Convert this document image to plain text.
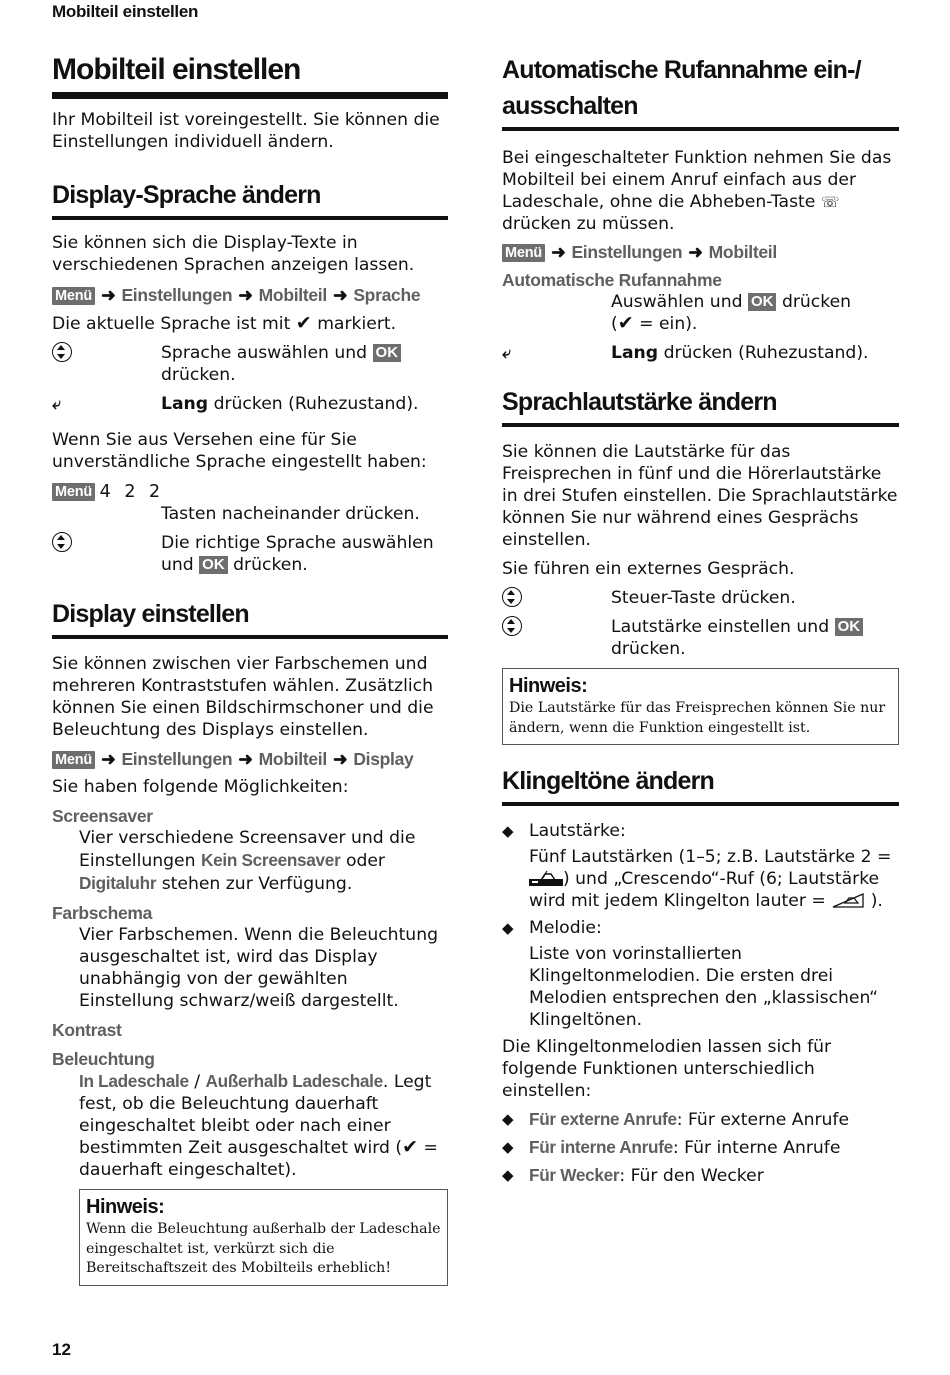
Mobilteil einstellen
Mobilteil einstellen

Ihr Mobilteil ist voreingestellt. Sie können die Einstellungen individuell ändern.

Display-Sprache ändern

Sie können sich die Display-Texte in verschiedenen Sprachen anzeigen lassen.

Menü ➜ Einstellungen ➜ Mobilteil ➜ Sprache

Die aktuelle Sprache ist mit ✔ markiert.

Sprache auswählen und OK drücken.
⤶	Lang drücken (Ruhezustand).

Wenn Sie aus Versehen eine für Sie unverständliche Sprache eingestellt haben:

Menü 4 2 2
Tasten nacheinander drücken.
Die richtige Sprache auswählen und OK drücken.
Display einstellen

Sie können zwischen vier Farbschemen und mehreren Kontraststufen wählen. Zusätzlich können Sie einen Bildschirmschoner und die Beleuchtung des Displays einstellen.

Menü ➜ Einstellungen ➜ Mobilteil ➜ Display

Sie haben folgende Möglichkeiten:

Screensaver
Vier verschiedene Screensaver und die Einstellungen Kein Screensaver oder Digitaluhr stehen zur Verfügung.
Farbschema
Vier Farbschemen. Wenn die Beleuchtung ausgeschaltet ist, wird das Display unabhängig von der gewählten Einstellung schwarz/weiß dargestellt.
Kontrast
Beleuchtung
In Ladeschale / Außerhalb Ladeschale. Legt fest, ob die Beleuchtung dauerhaft eingeschaltet bleibt oder nach einer bestimmten Zeit ausgeschaltet wird (✔ = dauerhaft eingeschaltet).
Hinweis:
Wenn die Beleuchtung außerhalb der Ladeschale eingeschaltet ist, verkürzt sich die Bereitschaftszeit des Mobilteils erheblich!
Automatische Rufannahme ein-/ ausschalten

Bei eingeschalteter Funktion nehmen Sie das Mobilteil bei einem Anruf einfach aus der Ladeschale, ohne die Abheben-Taste ☏ drücken zu müssen.

Menü ➜ Einstellungen ➜ Mobilteil
Automatische Rufannahme
Auswählen und OK drücken
(✔ = ein).
⤶	Lang drücken (Ruhezustand).
Sprachlautstärke ändern

Sie können die Lautstärke für das Freisprechen in fünf und die Hörerlautstärke in drei Stufen einstellen. Die Sprachlautstärke können Sie nur während eines Gesprächs einstellen.

Sie führen ein externes Gespräch.

Steuer-Taste drücken.
Lautstärke einstellen und OK drücken.
Hinweis:
Die Lautstärke für das Freisprechen können Sie nur ändern, wenn die Funktion eingestellt ist.
Klingeltöne ändern
◆ Lautstärke:
Fünf Lautstärken (1–5; z.B. Lautstärke 2 = ) und „Crescendo“-Ruf (6; Lautstärke wird mit jedem Klingelton lauter =	).
◆ Melodie:
Liste von vorinstallierten Klingeltonmelodien. Die ersten drei Melodien entsprechen den „klassischen“ Klingeltönen.

Die Klingeltonmelodien lassen sich für folgende Funktionen unterschiedlich einstellen:

◆ Für externe Anrufe: Für externe Anrufe
◆ Für interne Anrufe: Für interne Anrufe
◆ Für Wecker: Für den Wecker
12
